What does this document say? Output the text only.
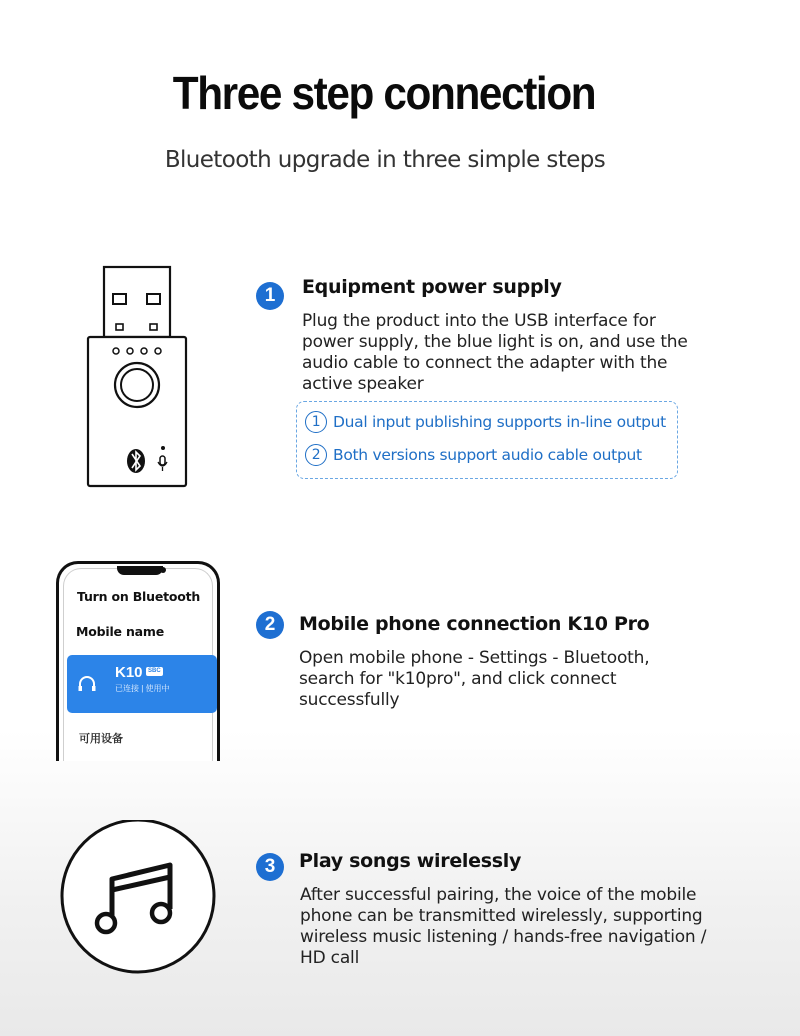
Three step connection
Bluetooth upgrade in three simple steps
1	Equipment power supply
Plug the product into the USB interface for power supply, the blue light is on, and use the audio cable to connect the adapter with the active speaker
1 Dual input publishing supports in-line output
2 Both versions support audio cable output
Turn on Bluetooth
Mobile name
K10 SBC
已连接 | 使用中
可用设备
2	Mobile phone connection K10 Pro
Open mobile phone - Settings - Bluetooth, search for "k10pro", and click connect successfully
3	Play songs wirelessly
After successful pairing, the voice of the mobile phone can be transmitted wirelessly, supporting wireless music listening / hands-free navigation / HD call
